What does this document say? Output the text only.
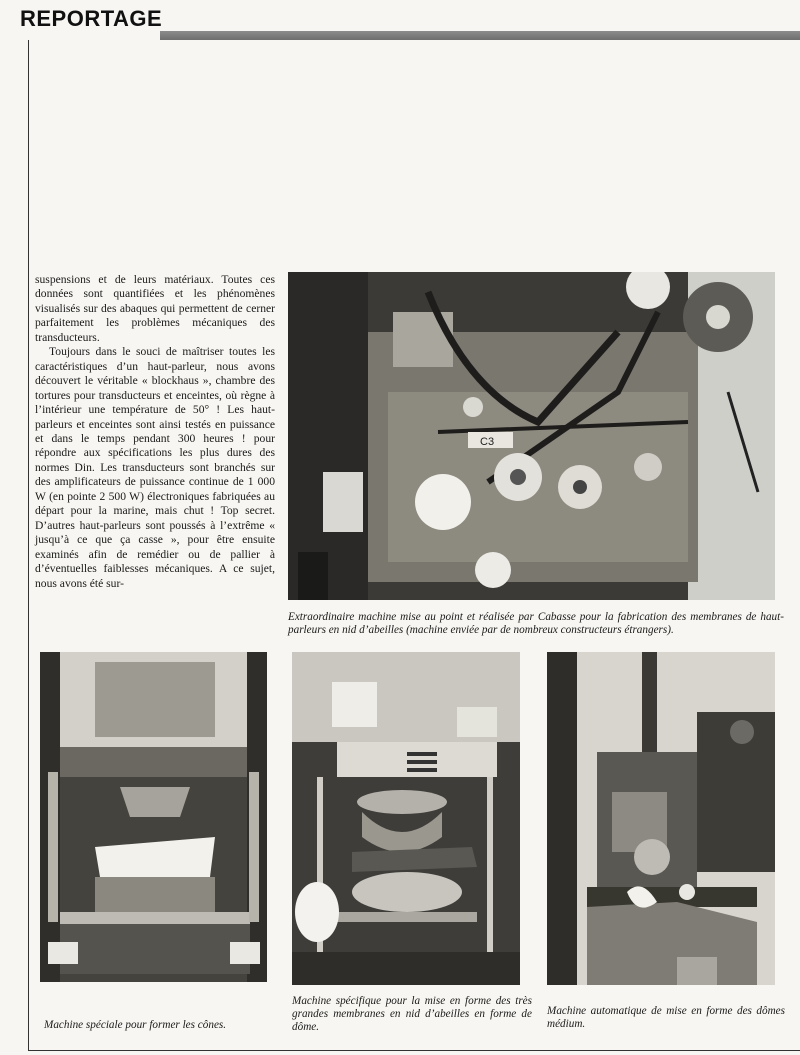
REPORTAGE

suspensions et de leurs matériaux. Toutes ces données sont quantifiées et les phénomènes visualisés sur des abaques qui permettent de cerner parfaitement les problèmes mécaniques des transducteurs.

Toujours dans le souci de maîtriser toutes les caractéristiques d’un haut-parleur, nous avons découvert le véritable « blockhaus », chambre des tortures pour transducteurs et enceintes, où règne à l’intérieur une température de 50° ! Les haut-parleurs et enceintes sont ainsi testés en puissance et dans le temps pendant 300 heures ! pour répondre aux spécifications les plus dures des normes Din. Les transducteurs sont branchés sur des amplificateurs de puissance continue de 1 000 W (en pointe 2 500 W) électroniques fabriquées au départ pour la marine, mais chut ! Top secret. D’autres haut-parleurs sont poussés à l’extrême « jusqu’à ce que ça casse », pour être ensuite examinés afin de remédier ou de pallier à d’éventuelles faiblesses mécaniques. A ce sujet, nous avons été sur-

C3
Extraordinaire machine mise au point et réalisée par Cabasse pour la fabrication des membranes de haut-parleurs en nid d’abeilles (machine enviée par de nombreux constructeurs étrangers).
Machine spéciale pour former les cônes.
Machine spécifique pour la mise en forme des très grandes membranes en nid d’abeilles en forme de dôme.
Machine automatique de mise en forme des dômes médium.
